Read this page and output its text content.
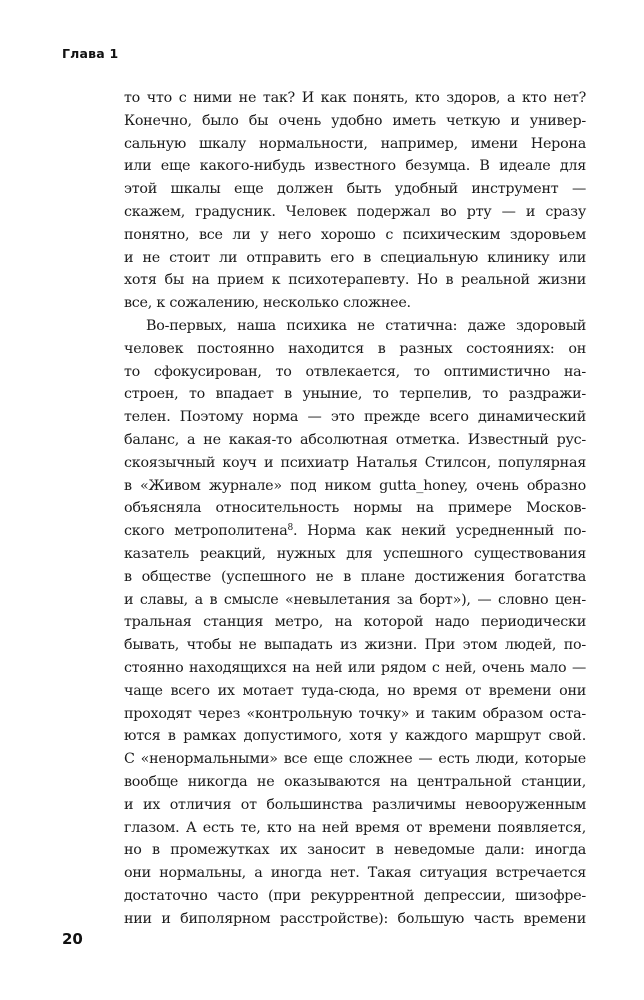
Глава 1
то что с ними не так? И как понять, кто здоров, а кто нет?
Конечно, было бы очень удобно иметь четкую и универ-
сальную шкалу нормальности, например, имени Нерона
или еще какого-нибудь известного безумца. В идеале для
этой шкалы еще должен быть удобный инструмент —
скажем, градусник. Человек подержал во рту — и сразу
понятно, все ли у него хорошо с психическим здоровьем
и не стоит ли отправить его в специальную клинику или
хотя бы на прием к психотерапевту. Но в реальной жизни
все, к сожалению, несколько сложнее.
Во-первых, наша психика не статична: даже здоровый
человек постоянно находится в разных состояниях: он
то сфокусирован, то отвлекается, то оптимистично на-
строен, то впадает в уныние, то терпелив, то раздражи-
телен. Поэтому норма — это прежде всего динамический
баланс, а не какая-то абсолютная отметка. Известный рус-
скоязычный коуч и психиатр Наталья Стилсон, популярная
в «Живом журнале» под ником gutta_honey, очень образно
объясняла относительность нормы на примере Москов-
ского метрополитена$^8$. Норма как некий усредненный по-
казатель реакций, нужных для успешного существования
в обществе (успешного не в плане достижения богатства
и славы, а в смысле «невылетания за борт»), — словно цен-
тральная станция метро, на которой надо периодически
бывать, чтобы не выпадать из жизни. При этом людей, по-
стоянно находящихся на ней или рядом с ней, очень мало —
чаще всего их мотает туда-сюда, но время от времени они
проходят через «контрольную точку» и таким образом оста-
ются в рамках допустимого, хотя у каждого маршрут свой.
С «ненормальными» все еще сложнее — есть люди, которые
вообще никогда не оказываются на центральной станции,
и их отличия от большинства различимы невооруженным
глазом. А есть те, кто на ней время от времени появляется,
но в промежутках их заносит в неведомые дали: иногда
они нормальны, а иногда нет. Такая ситуация встречается
достаточно часто (при рекуррентной депрессии, шизофре-
нии и биполярном расстройстве): большую часть времени
20
